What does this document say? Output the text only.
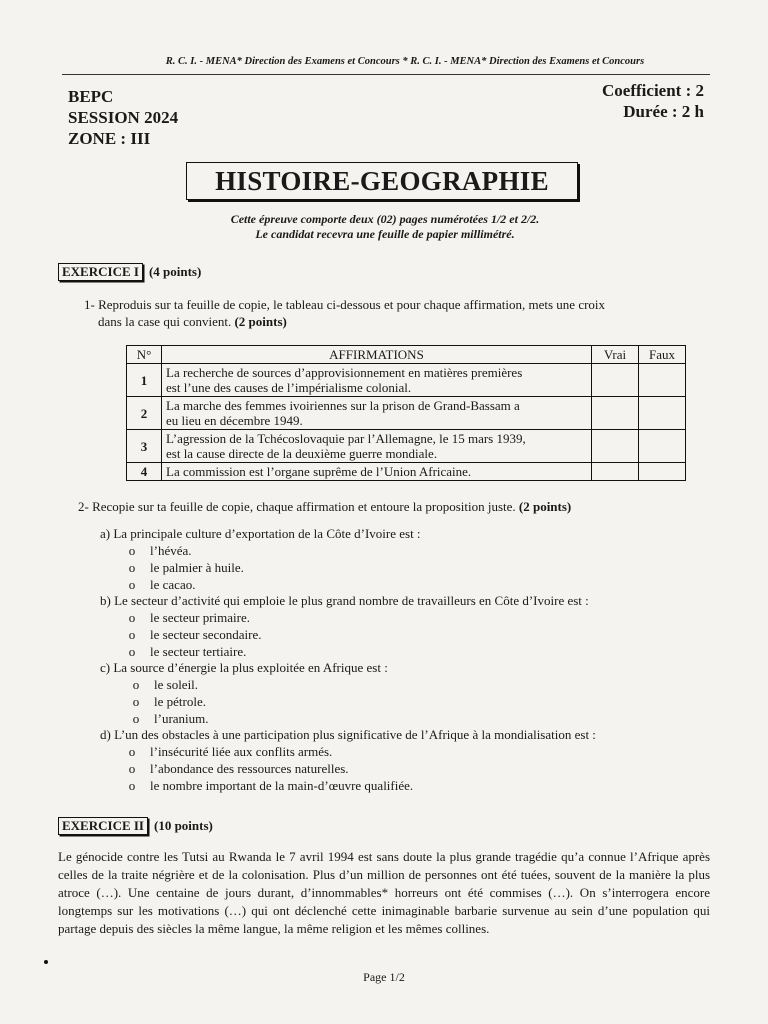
R. C. I. - MENA* Direction des Examens et Concours * R. C. I. - MENA* Direction des Examens et Concours
BEPC
SESSION 2024
ZONE : III
Coefficient : 2
Durée : 2 h
HISTOIRE-GEOGRAPHIE
Cette épreuve comporte deux (02) pages numérotées 1/2 et 2/2.
Le candidat recevra une feuille de papier millimétré.
EXERCICE I (4 points)
1- Reproduis sur ta feuille de copie, le tableau ci-dessous et pour chaque affirmation, mets une croix
dans la case qui convient. (2 points)
N°	AFFIRMATIONS	Vrai	Faux
1	La recherche de sources d’approvisionnement en matières premières
est l’une des causes de l’impérialisme colonial.		

2	La marche des femmes ivoiriennes sur la prison de Grand-Bassam a
eu lieu en décembre 1949.		

3	L’agression de la Tchécoslovaquie par l’Allemagne, le 15 mars 1939,
est la cause directe de la deuxième guerre mondiale.		

4	La commission est l’organe suprême de l’Union Africaine.		

2- Recopie sur ta feuille de copie, chaque affirmation et entoure la proposition juste. (2 points)
a) La principale culture d’exportation de la Côte d’Ivoire est :
o l’hévéa.
o le palmier à huile.
o le cacao.
b) Le secteur d’activité qui emploie le plus grand nombre de travailleurs en Côte d’Ivoire est :
o le secteur primaire.
o le secteur secondaire.
o le secteur tertiaire.
c) La source d’énergie la plus exploitée en Afrique est :
o le soleil.
o le pétrole.
o l’uranium.
d) L’un des obstacles à une participation plus significative de l’Afrique à la mondialisation est :
o l’insécurité liée aux conflits armés.
o l’abondance des ressources naturelles.
o le nombre important de la main-d’œuvre qualifiée.
EXERCICE II (10 points)
Le génocide contre les Tutsi au Rwanda le 7 avril 1994 est sans doute la plus grande tragédie qu’a connue l’Afrique après celles de la traite négrière et de la colonisation. Plus d’un million de personnes ont été tuées, souvent de la manière la plus atroce (…). Une centaine de jours durant, d’innommables* horreurs ont été commises (…). On s’interrogera encore longtemps sur les motivations (…) qui ont déclenché cette inimaginable barbarie survenue au sein d’une population qui partage depuis des siècles la même langue, la même religion et les mêmes collines.
Page 1/2
